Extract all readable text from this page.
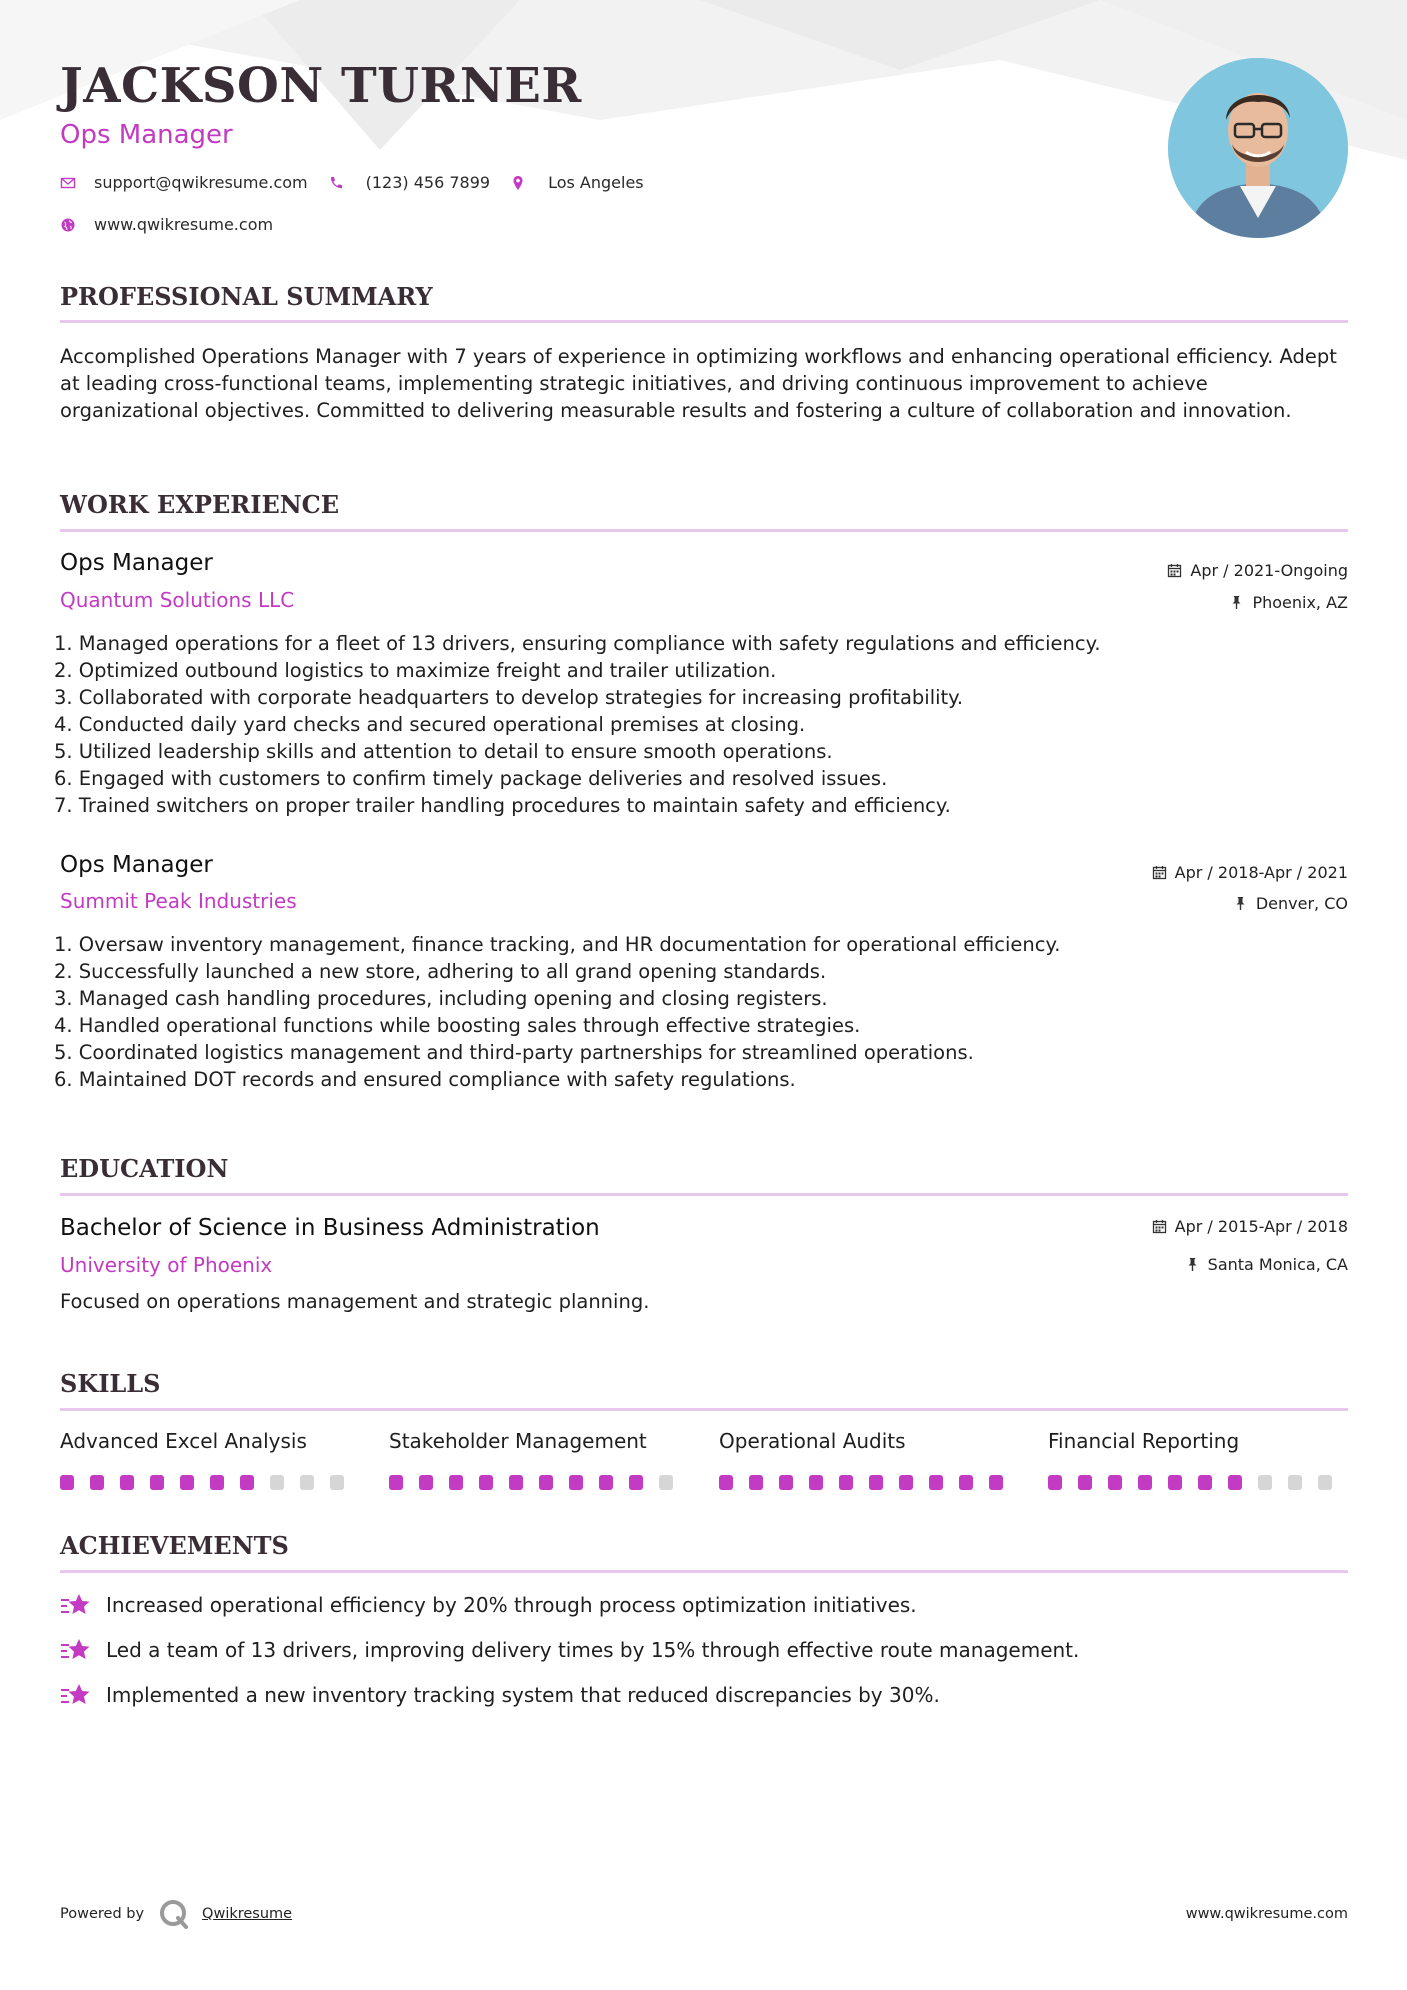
JACKSON TURNER

Ops Manager

support@qwikresume.com	(123) 456 7899	Los Angeles
www.qwikresume.com
PROFESSIONAL SUMMARY

Accomplished Operations Manager with 7 years of experience in optimizing workflows and enhancing operational efficiency. Adept at leading cross-functional teams, implementing strategic initiatives, and driving continuous improvement to achieve organizational objectives. Committed to delivering measurable results and fostering a culture of collaboration and innovation.

WORK EXPERIENCE
Ops Manager

Quantum Solutions LLC

Apr / 2021-Ongoing
Phoenix, AZ
1. Managed operations for a fleet of 13 drivers, ensuring compliance with safety regulations and efficiency.
2. Optimized outbound logistics to maximize freight and trailer utilization.
3. Collaborated with corporate headquarters to develop strategies for increasing profitability.
4. Conducted daily yard checks and secured operational premises at closing.
5. Utilized leadership skills and attention to detail to ensure smooth operations.
6. Engaged with customers to confirm timely package deliveries and resolved issues.
7. Trained switchers on proper trailer handling procedures to maintain safety and efficiency.
Ops Manager

Summit Peak Industries

Apr / 2018-Apr / 2021
Denver, CO
1. Oversaw inventory management, finance tracking, and HR documentation for operational efficiency.
2. Successfully launched a new store, adhering to all grand opening standards.
3. Managed cash handling procedures, including opening and closing registers.
4. Handled operational functions while boosting sales through effective strategies.
5. Coordinated logistics management and third-party partnerships for streamlined operations.
6. Maintained DOT records and ensured compliance with safety regulations.
EDUCATION
Bachelor of Science in Business Administration

University of Phoenix

Apr / 2015-Apr / 2018
Santa Monica, CA

Focused on operations management and strategic planning.

SKILLS

Advanced Excel Analysis	Stakeholder Management	Operational Audits	Financial Reporting

ACHIEVEMENTS
Increased operational efficiency by 20% through process optimization initiatives.
Led a team of 13 drivers, improving delivery times by 15% through effective route management.
Implemented a new inventory tracking system that reduced discrepancies by 30%.
Powered by	Qwikresume	www.qwikresume.com
